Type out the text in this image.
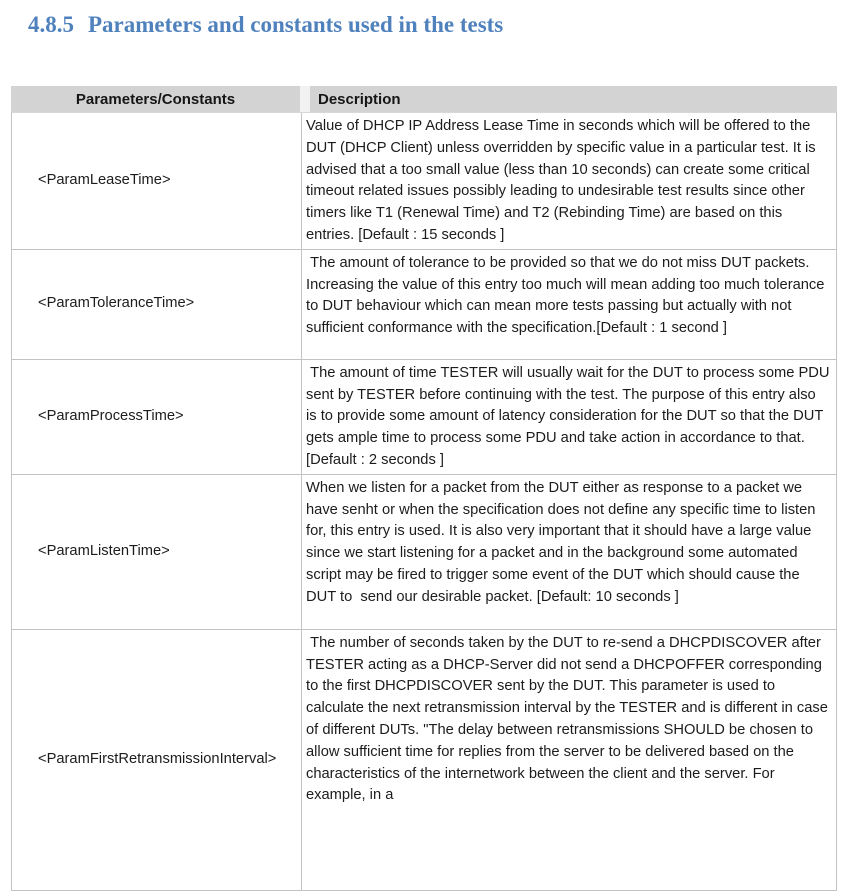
4.8.5 Parameters and constants used in the tests
Parameters/Constants	Description

<ParamLeaseTime>

Value of DHCP IP Address Lease Time in seconds which will be offered to the DUT (DHCP Client) unless overridden by specific value in a particular test. It is advised that a too small value (less than 10 seconds) can create some critical timeout related issues possibly leading to undesirable test results since other timers like T1 (Renewal Time) and T2 (Rebinding Time) are based on this entries. [Default : 15 seconds ]

<ParamToleranceTime>

The amount of tolerance to be provided so that we do not miss DUT packets. Increasing the value of this entry too much will mean adding too much tolerance to DUT behaviour which can mean more tests passing but actually with not sufficient conformance with the specification.[Default : 1 second ]

<ParamProcessTime>

The amount of time TESTER will usually wait for the DUT to process some PDU sent by TESTER before continuing with the test. The purpose of this entry also is to provide some amount of latency consideration for the DUT so that the DUT gets ample time to process some PDU and take action in accordance to that. [Default : 2 seconds ]

<ParamListenTime>

When we listen for a packet from the DUT either as response to a packet we have senht or when the specification does not define any specific time to listen for, this entry is used. It is also very important that it should have a large value since we start listening for a packet and in the background some automated script may be fired to trigger some event of the DUT which should cause the DUT to  send our desirable packet. [Default: 10 seconds ]

<ParamFirstRetransmissionInterval>

The number of seconds taken by the DUT to re-send a DHCPDISCOVER after TESTER acting as a DHCP-Server did not send a DHCPOFFER corresponding to the first DHCPDISCOVER sent by the DUT. This parameter is used to calculate the next retransmission interval by the TESTER and is different in case of different DUTs. "The delay between retransmissions SHOULD be chosen to allow sufficient time for replies from the server to be delivered based on the characteristics of the internetwork between the client and the server. For example, in a
